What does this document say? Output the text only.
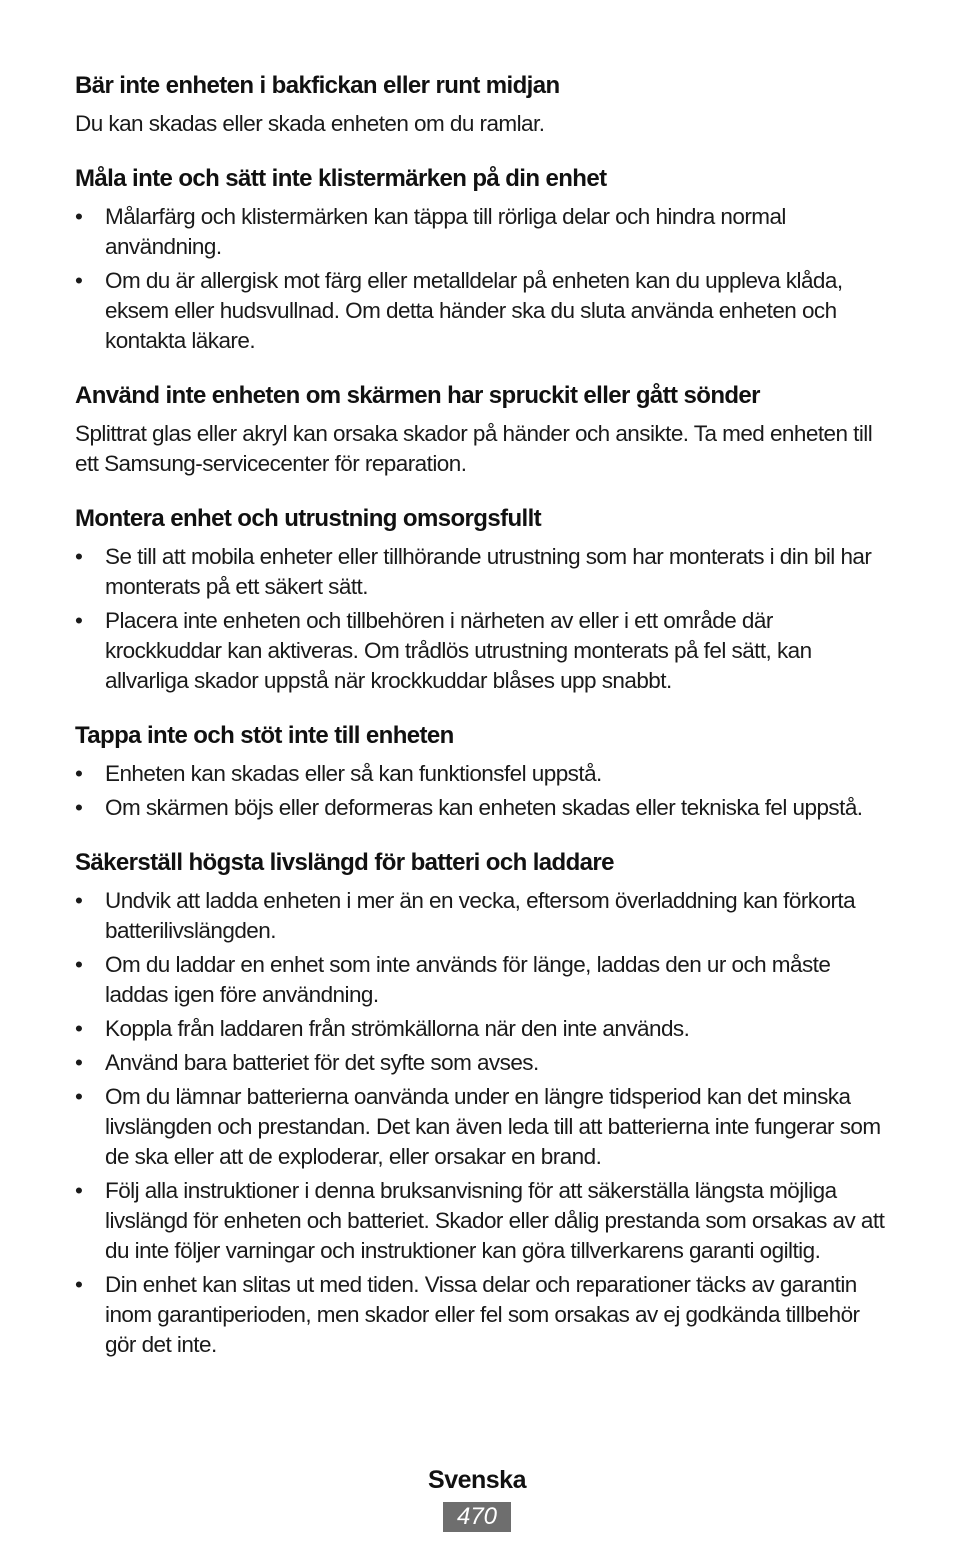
Bär inte enheten i bakfickan eller runt midjan

Du kan skadas eller skada enheten om du ramlar.

Måla inte och sätt inte klistermärken på din enhet
• Målarfärg och klistermärken kan täppa till rörliga delar och hindra normal användning.
• Om du är allergisk mot färg eller metalldelar på enheten kan du uppleva klåda, eksem eller hudsvullnad. Om detta händer ska du sluta använda enheten och kontakta läkare.
Använd inte enheten om skärmen har spruckit eller gått sönder

Splittrat glas eller akryl kan orsaka skador på händer och ansikte. Ta med enheten till ett Samsung-servicecenter för reparation.

Montera enhet och utrustning omsorgsfullt
• Se till att mobila enheter eller tillhörande utrustning som har monterats i din bil har monterats på ett säkert sätt.
• Placera inte enheten och tillbehören i närheten av eller i ett område där krockkuddar kan aktiveras. Om trådlös utrustning monterats på fel sätt, kan allvarliga skador uppstå när krockkuddar blåses upp snabbt.
Tappa inte och stöt inte till enheten
• Enheten kan skadas eller så kan funktionsfel uppstå.
• Om skärmen böjs eller deformeras kan enheten skadas eller tekniska fel uppstå.
Säkerställ högsta livslängd för batteri och laddare
• Undvik att ladda enheten i mer än en vecka, eftersom överladdning kan förkorta batterilivslängden.
• Om du laddar en enhet som inte används för länge, laddas den ur och måste laddas igen före användning.
• Koppla från laddaren från strömkällorna när den inte används.
• Använd bara batteriet för det syfte som avses.
• Om du lämnar batterierna oanvända under en längre tidsperiod kan det minska livslängden och prestandan. Det kan även leda till att batterierna inte fungerar som de ska eller att de exploderar, eller orsakar en brand.
• Följ alla instruktioner i denna bruksanvisning för att säkerställa längsta möjliga livslängd för enheten och batteriet. Skador eller dålig prestanda som orsakas av att du inte följer varningar och instruktioner kan göra tillverkarens garanti ogiltig.
• Din enhet kan slitas ut med tiden. Vissa delar och reparationer täcks av garantin inom garantiperioden, men skador eller fel som orsakas av ej godkända tillbehör gör det inte.
Svenska
470
